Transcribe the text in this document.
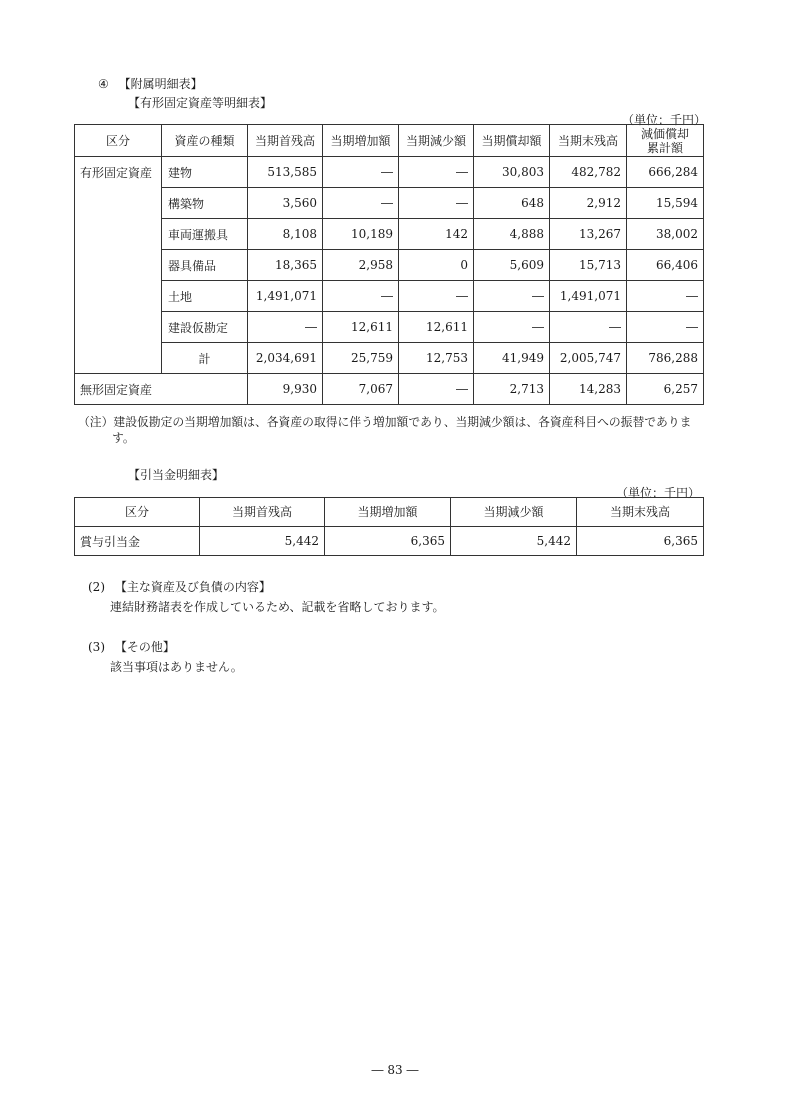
④ 【附属明細表】
【有形固定資産等明細表】
（単位：千円）
区分	資産の種類	当期首残高	当期増加額	当期減少額	当期償却額	当期末残高	減価償却
累計額

有形固定資産	建物	513,585	―	―	30,803	482,782	666,284
	構築物	3,560	―	―	648	2,912	15,594
	車両運搬具	8,108	10,189	142	4,888	13,267	38,002
	器具備品	18,365	2,958	0	5,609	15,713	66,406
	土地	1,491,071	―	―	―	1,491,071	―
	建設仮勘定	―	12,611	12,611	―	―	―
	計	2,034,691	25,759	12,753	41,949	2,005,747	786,288
無形固定資産		9,930	7,067	―	2,713	14,283	6,257
（注）建設仮勘定の当期増加額は、各資産の取得に伴う増加額であり、当期減少額は、各資産科目への振替でありま
す。
【引当金明細表】
（単位：千円）
区分	当期首残高	当期増加額	当期減少額	当期末残高
賞与引当金	5,442	6,365	5,442	6,365
(2) 【主な資産及び負債の内容】
連結財務諸表を作成しているため、記載を省略しております。
(3) 【その他】
該当事項はありません。
― 83 ―
